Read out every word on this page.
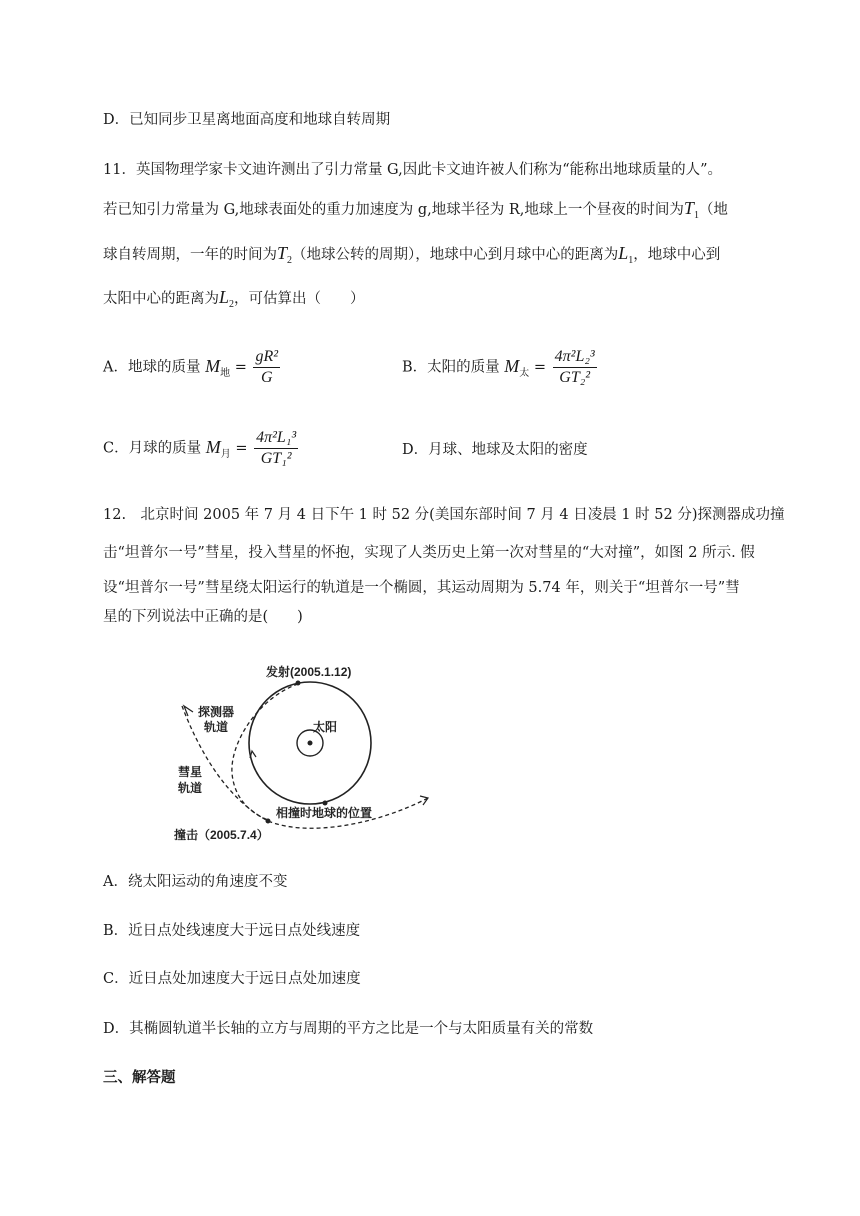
D．已知同步卫星离地面高度和地球自转周期
11．英国物理学家卡文迪许测出了引力常量 G,因此卡文迪许被人们称为“能称出地球质量的人”。
若已知引力常量为 G,地球表面处的重力加速度为 g,地球半径为 R,地球上一个昼夜的时间为$T_1$（地
球自转周期，一年的时间为$T_2$（地球公转的周期），地球中心到月球中心的距离为$L_1$，地球中心到
太阳中心的距离为$L_2$，可估算出（　　）
A．地球的质量 $M_地 = \frac{\text{gR²}}{G}$	B．太阳的质量 $M_太 = \frac{\text{4π²L₂³}}{\text{GT₂²}}$
C．月球的质量 $M_月 = \frac{\text{4π²L₁³}}{\text{GT₁²}}$	D．月球、地球及太阳的密度
12.　北京时间 2005 年 7 月 4 日下午 1 时 52 分(美国东部时间 7 月 4 日凌晨 1 时 52 分)探测器成功撞
击“坦普尔一号”彗星，投入彗星的怀抱，实现了人类历史上第一次对彗星的“大对撞”，如图 2 所示. 假
设“坦普尔一号”彗星绕太阳运行的轨道是一个椭圆，其运动周期为 5.74 年，则关于“坦普尔一号”彗
星的下列说法中正确的是(　　)
太阳
发射(2005.1.12)
探测器
轨道
彗星
轨道
相撞时地球的位置
撞击（2005.7.4）
A．绕太阳运动的角速度不变
B．近日点处线速度大于远日点处线速度
C．近日点处加速度大于远日点处加速度
D．其椭圆轨道半长轴的立方与周期的平方之比是一个与太阳质量有关的常数
三、解答题
